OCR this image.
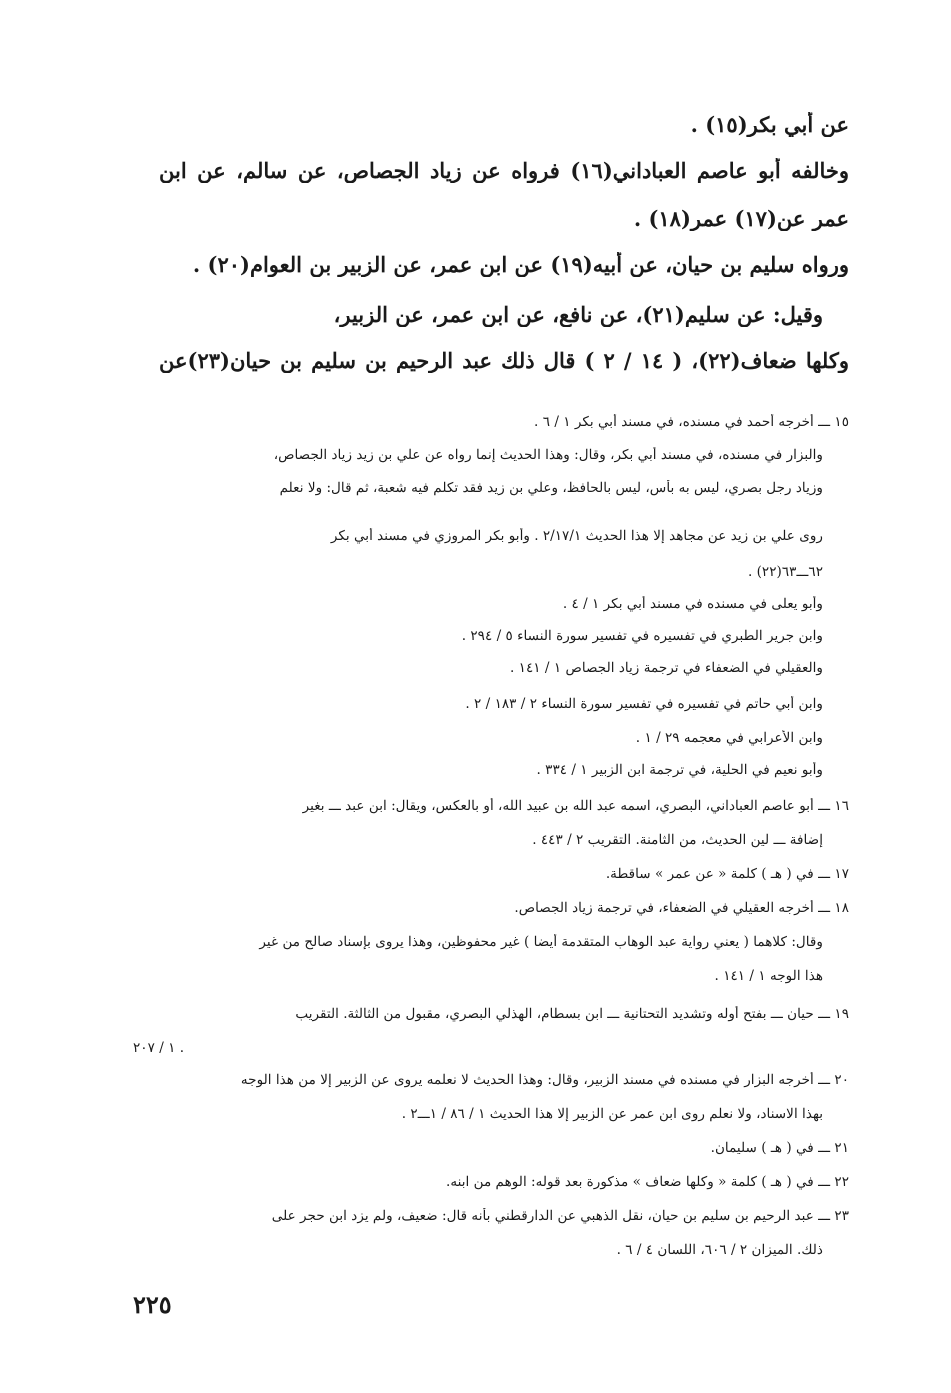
عن أبي بكر(١٥) .
وخالفه أبو عاصم العباداني(١٦) فرواه عن زياد الجصاص، عن سالم، عن ابن
عمر عن(١٧) عمر(١٨) .
ورواه سليم بن حيان، عن أبيه(١٩) عن ابن عمر، عن الزبير بن العوام(٢٠) .
وقيل: عن سليم(٢١)، عن نافع، عن ابن عمر، عن الزبير،
وكلها ضعاف(٢٢)، ( ١٤ / ٢ ) قال ذلك عبد الرحيم بن سليم بن حيان(٢٣)عن
١٥ ـــ أخرجه أحمد في مسنده، في مسند أبي بكر ١ / ٦ .
والبزار في مسنده، في مسند أبي بكر، وقال: وهذا الحديث إنما رواه عن علي بن زيد زياد الجصاص،
وزياد رجل بصري، ليس به بأس، ليس بالحافظ، وعلي بن زيد فقد تكلم فيه شعبة، ثم قال: ولا نعلم
روى علي بن زيد عن مجاهد إلا هذا الحديث ٢/١٧/١ . وأبو بكر المروزي في مسند أبي بكر
٦٢ـــ٦٣(٢٢) .
وأبو يعلى في مسنده في مسند أبي بكر ١ / ٤ .
وابن جرير الطبري في تفسيره في تفسير سورة النساء ٥ / ٢٩٤ .
والعقيلي في الضعفاء في ترجمة زياد الجصاص ١ / ١٤١ .
وابن أبي حاتم في تفسيره في تفسير سورة النساء ٢ / ١٨٣ / ٢ .
وابن الأعرابي في معجمه ٢٩ / ١ .
وأبو نعيم في الحلية، في ترجمة ابن الزبير ١ / ٣٣٤ .
١٦ ـــ أبو عاصم العباداني، البصري، اسمه عبد الله بن عبيد الله، أو بالعكس، ويقال: ابن عبد ـــ بغير
إضافة ـــ لين الحديث، من الثامنة. التقريب ٢ / ٤٤٣ .
١٧ ـــ في ( هـ ) كلمة « عن عمر » ساقطة.
١٨ ـــ أخرجه العقيلي في الضعفاء، في ترجمة زياد الجصاص.
وقال: كلاهما ( يعني رواية عبد الوهاب المتقدمة أيضا ) غير محفوظين، وهذا يروى بإسناد صالح من غير
هذا الوجه ١ / ١٤١ .
١٩ ـــ حيان ـــ بفتح أوله وتشديد التحتانية ـــ ابن بسطام، الهذلي البصري، مقبول من الثالثة. التقريب
١ / ٢٠٧ .
٢٠ ـــ أخرجه البزار في مسنده في مسند الزبير، وقال: وهذا الحديث لا نعلمه يروى عن الزبير إلا من هذا الوجه
بهذا الاسناد، ولا نعلم روى ابن عمر عن الزبير إلا هذا الحديث ١ / ٨٦ / ١ـــ٢ .
٢١ ـــ في ( هـ ) سليمان.
٢٢ ـــ في ( هـ ) كلمة « وكلها ضعاف » مذكورة بعد قوله: الوهم من ابنه.
٢٣ ـــ عبد الرحيم بن سليم بن حيان، نقل الذهبي عن الدارقطني بأنه قال: ضعيف، ولم يزد ابن حجر على
ذلك. الميزان ٢ / ٦٠٦، اللسان ٤ / ٦ .
٢٢٥
